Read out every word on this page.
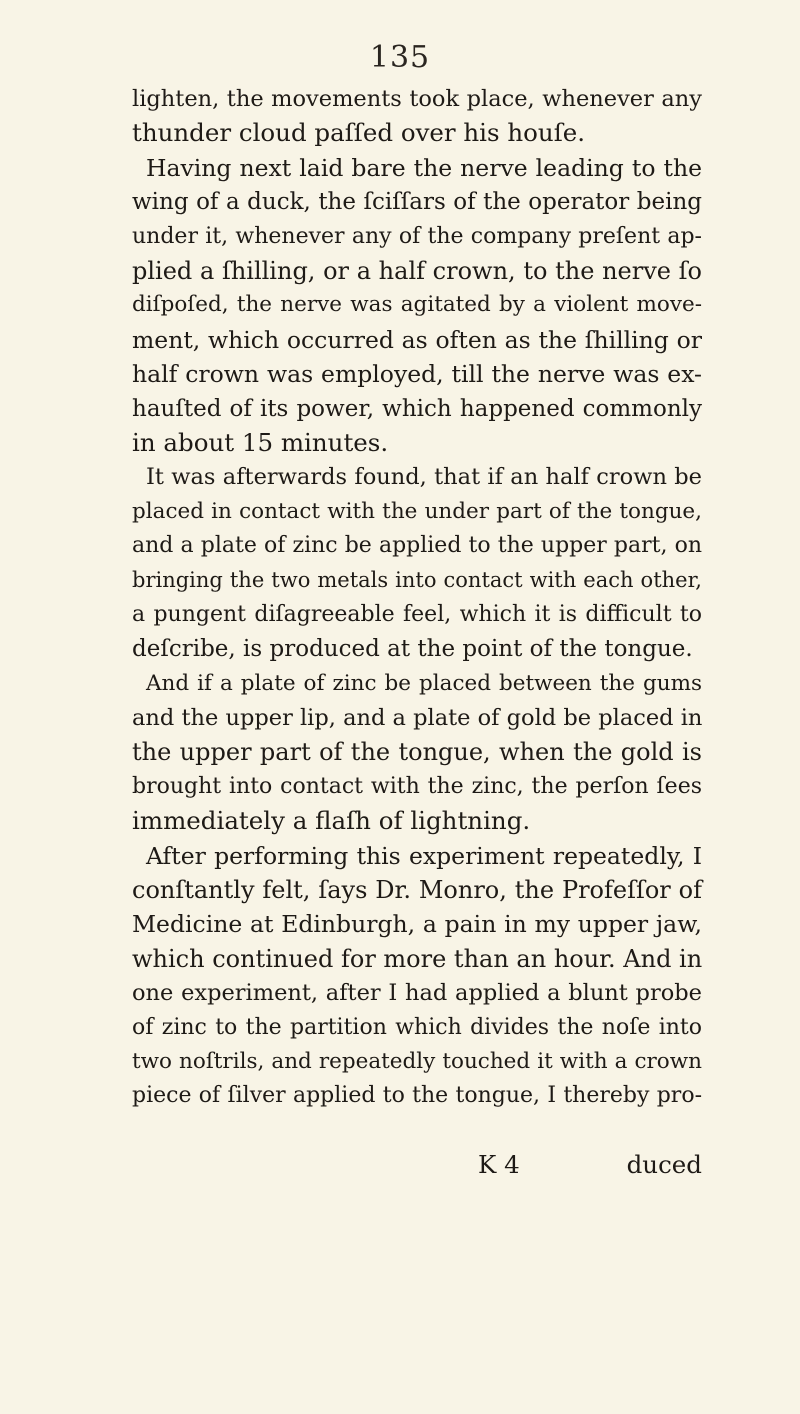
135
lighten, the movements took place, whenever any
thunder cloud paſſed over his houſe.
Having next laid bare the nerve leading to the
wing of a duck, the ſciſſars of the operator being
under it, whenever any of the company preſent ap-
plied a ſhilling, or a half crown, to the nerve ſo
diſpoſed, the nerve was agitated by a violent move-
ment, which occurred as often as the ſhilling or
half crown was employed, till the nerve was ex-
hauſted of its power, which happened commonly
in about 15 minutes.
It was afterwards found, that if an half crown be
placed in contact with the under part of the tongue,
and a plate of zinc be applied to the upper part, on
bringing the two metals into contact with each other,
a pungent diſagreeable feel, which it is difficult to
deſcribe, is produced at the point of the tongue.
And if a plate of zinc be placed between the gums
and the upper lip, and a plate of gold be placed in
the upper part of the tongue, when the gold is
brought into contact with the zinc, the perſon ſees
immediately a flaſh of lightning.
After performing this experiment repeatedly, I
conſtantly felt, ſays Dr. Monro, the Profeſſor of
Medicine at Edinburgh, a pain in my upper jaw,
which continued for more than an hour. And in
one experiment, after I had applied a blunt probe
of zinc to the partition which divides the noſe into
two noſtrils, and repeatedly touched it with a crown
piece of ſilver applied to the tongue, I thereby pro-
K 4	duced
